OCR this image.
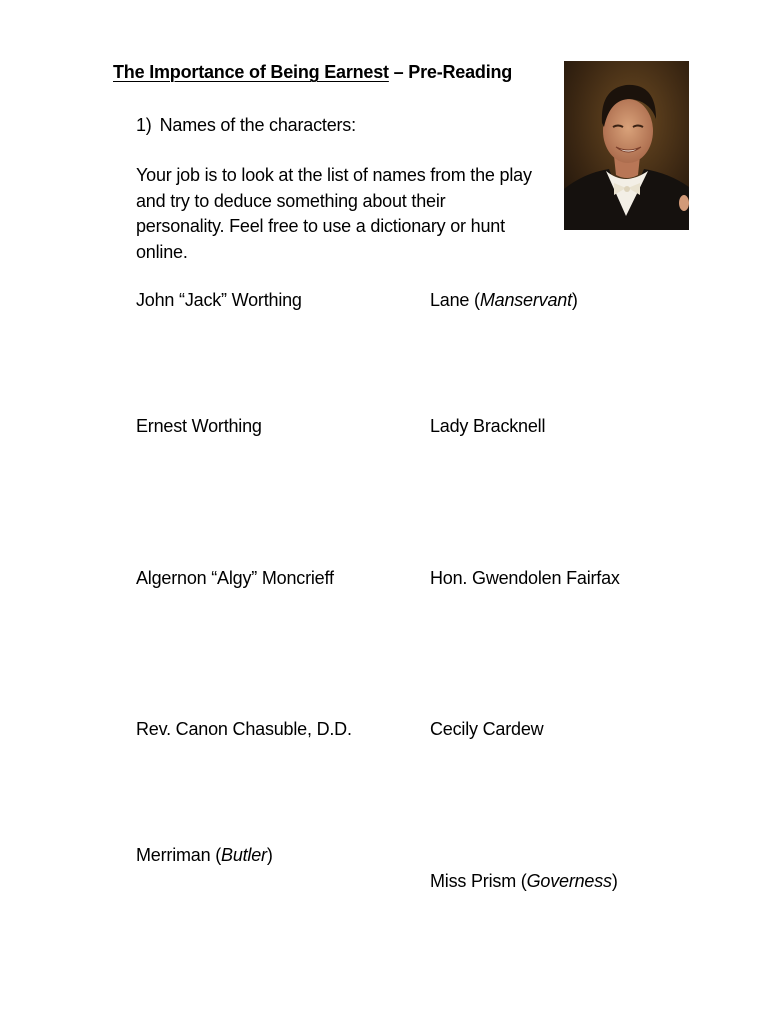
The Importance of Being Earnest – Pre-Reading
1) Names of the characters:
Your job is to look at the list of names from the play and try to deduce something about their personality. Feel free to use a dictionary or hunt online.
John “Jack” Worthing
Ernest Worthing
Algernon “Algy” Moncrieff
Rev. Canon Chasuble, D.D.
Merriman (Butler)
Lane (Manservant)
Lady Bracknell
Hon. Gwendolen Fairfax
Cecily Cardew
Miss Prism (Governess)
